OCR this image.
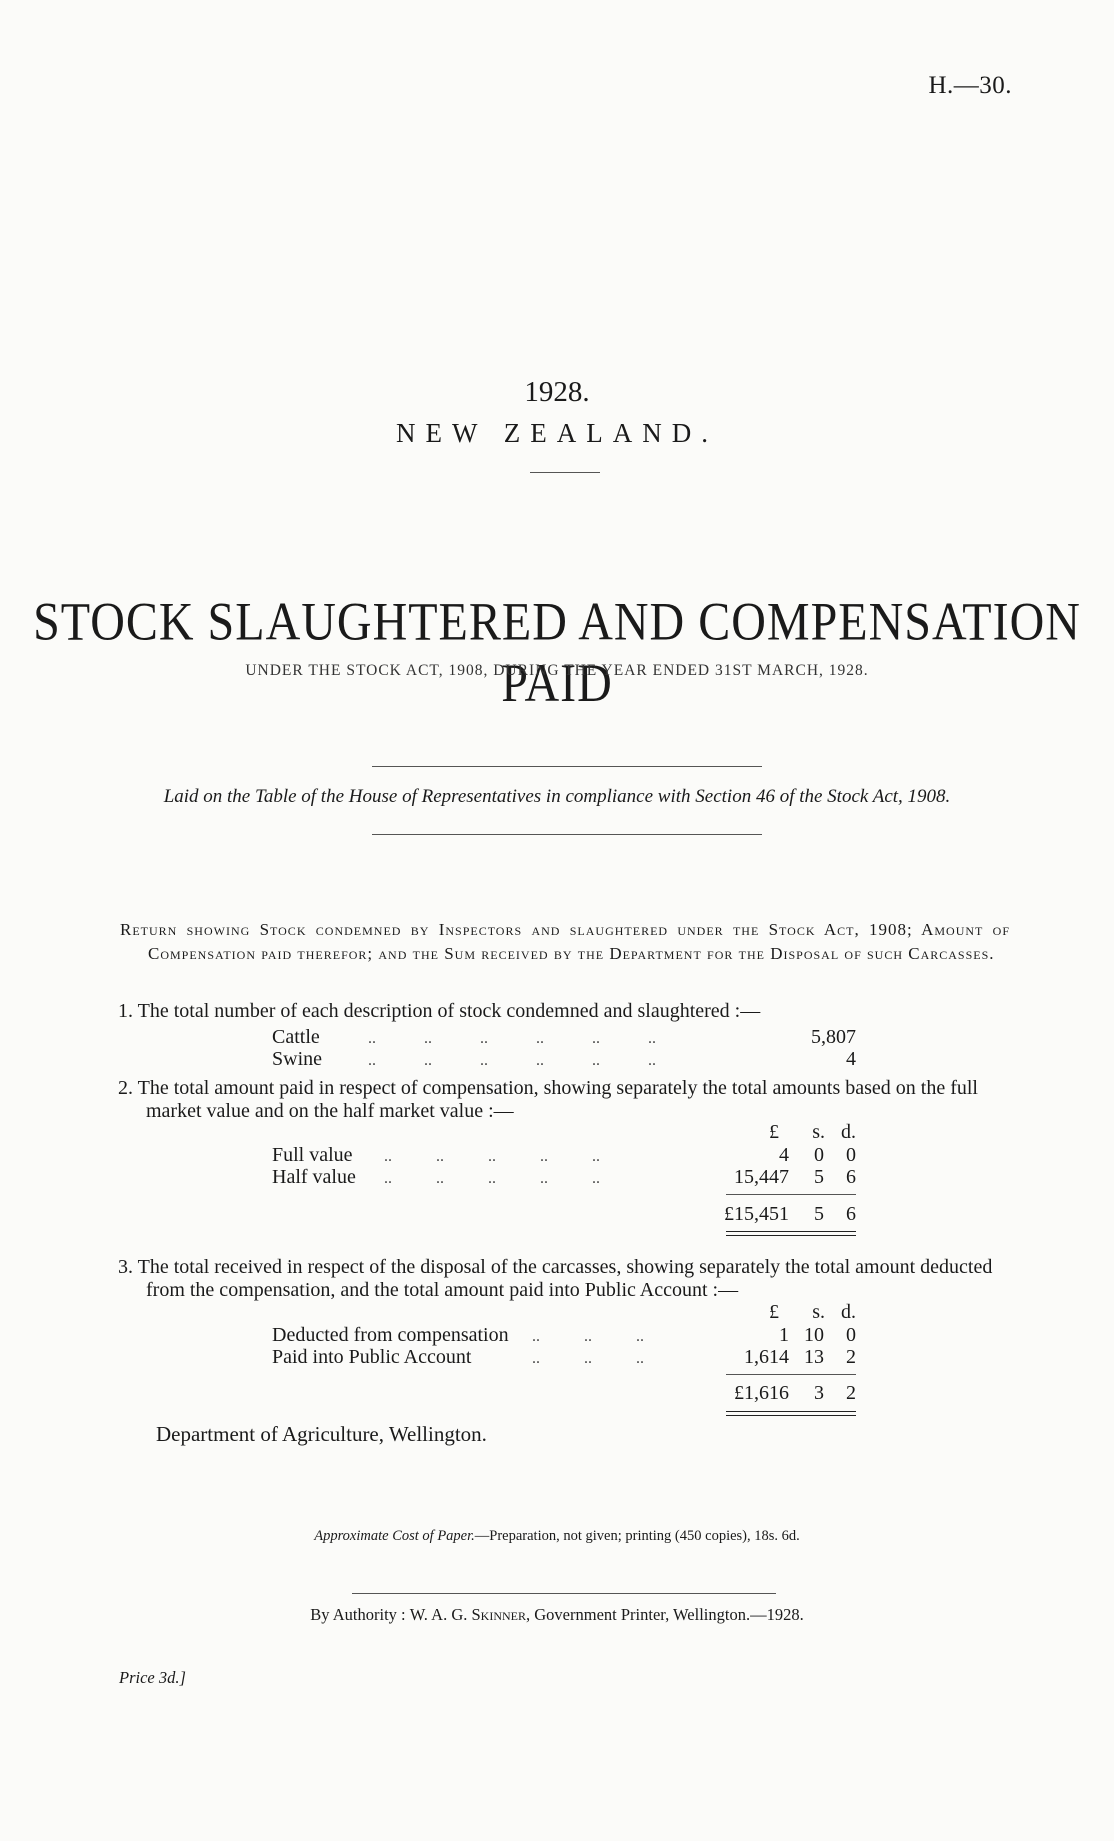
H.—30.
1928.
NEW ZEALAND.
STOCK SLAUGHTERED AND COMPENSATION PAID
UNDER THE STOCK ACT, 1908, DURING THE YEAR ENDED 31ST MARCH, 1928.
Laid on the Table of the House of Representatives in compliance with Section 46 of the Stock Act, 1908.
Return showing Stock condemned by Inspectors and slaughtered under the Stock Act, 1908; Amount of Compensation paid therefor; and the Sum received by the Department for the Disposal of such Carcasses.
1. The total number of each description of stock condemned and slaughtered :—
Cattle	..            ..            ..            ..            ..            ..	5,807
Swine	..            ..            ..            ..            ..            ..	4
2. The total amount paid in respect of compensation, showing separately the total amounts based on the full market value and on the half market value :—
£ s. d.
Full value ..           ..           ..           ..           ..	4 0 0
Half value ..           ..           ..           ..           ..	15,447 5 6
£15,451 5 6
3. The total received in respect of the disposal of the carcasses, showing separately the total amount deducted from the compensation, and the total amount paid into Public Account :—
£ s. d.
Deducted from compensation ..           ..           ..	1 10 0
Paid into Public Account	..           ..           ..	1,614 13 2
£1,616 3 2
Department of Agriculture, Wellington.
Approximate Cost of Paper.—Preparation, not given; printing (450 copies), 18s. 6d.
By Authority : W. A. G. Skinner, Government Printer, Wellington.—1928.
Price 3d.]
